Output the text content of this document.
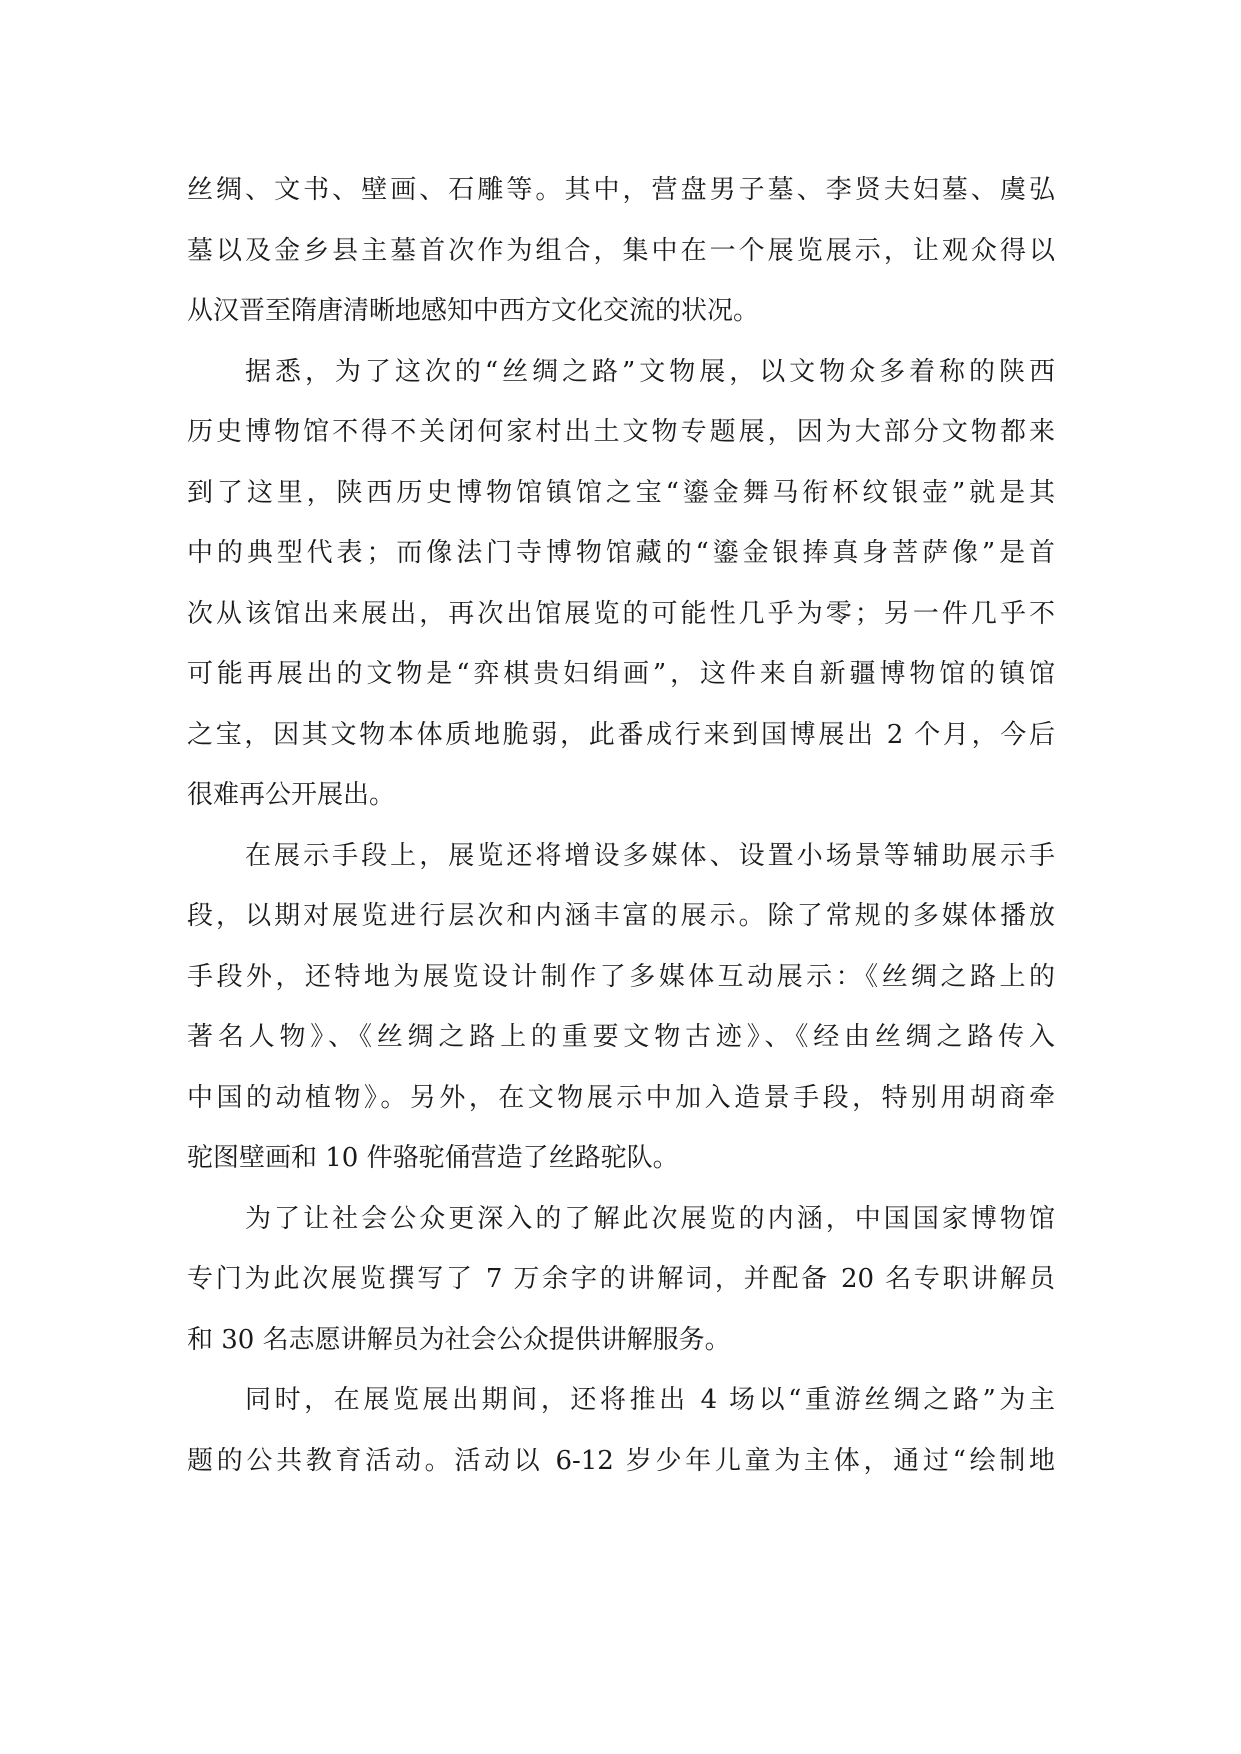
丝绸、文书、壁画、石雕等。其中，营盘男子墓、李贤夫妇墓、虞弘
墓以及金乡县主墓首次作为组合，集中在一个展览展示，让观众得以
从汉晋至隋唐清晰地感知中西方文化交流的状况。
据悉，为了这次的“丝绸之路”文物展，以文物众多着称的陕西
历史博物馆不得不关闭何家村出土文物专题展，因为大部分文物都来
到了这里，陕西历史博物馆镇馆之宝“鎏金舞马衔杯纹银壶”就是其
中的典型代表；而像法门寺博物馆藏的“鎏金银捧真身菩萨像”是首
次从该馆出来展出，再次出馆展览的可能性几乎为零；另一件几乎不
可能再展出的文物是“弈棋贵妇绢画”，这件来自新疆博物馆的镇馆
之宝，因其文物本体质地脆弱，此番成行来到国博展出 2 个月，今后
很难再公开展出。
在展示手段上，展览还将增设多媒体、设置小场景等辅助展示手
段，以期对展览进行层次和内涵丰富的展示。除了常规的多媒体播放
手段外，还特地为展览设计制作了多媒体互动展示：《丝绸之路上的
著名人物》、《丝绸之路上的重要文物古迹》、《经由丝绸之路传入
中国的动植物》。另外，在文物展示中加入造景手段，特别用胡商牵
驼图壁画和 10 件骆驼俑营造了丝路驼队。
为了让社会公众更深入的了解此次展览的内涵，中国国家博物馆
专门为此次展览撰写了 7 万余字的讲解词，并配备 20 名专职讲解员
和 30 名志愿讲解员为社会公众提供讲解服务。
同时，在展览展出期间，还将推出 4 场以“重游丝绸之路”为主
题的公共教育活动。活动以 6-12 岁少年儿童为主体，通过“绘制地
